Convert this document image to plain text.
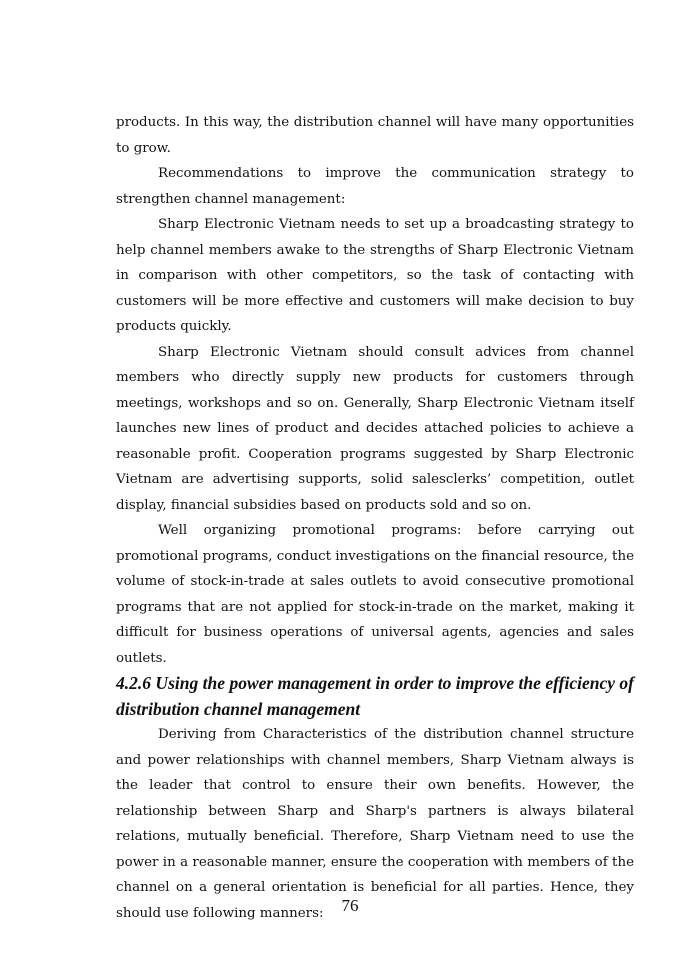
products. In this way, the distribution channel will have many opportunities to grow.

Recommendations to improve the communication strategy to strengthen channel management:

Sharp Electronic Vietnam needs to set up a broadcasting strategy to help channel members awake to the strengths of Sharp Electronic Vietnam in comparison with other competitors, so the task of contacting with customers will be more effective and customers will make decision to buy products quickly.

Sharp Electronic Vietnam should consult advices from channel members who directly supply new products for customers through meetings, workshops and so on. Generally, Sharp Electronic Vietnam itself launches new lines of product and decides attached policies to achieve a reasonable profit. Cooperation programs suggested by Sharp Electronic Vietnam are advertising supports, solid salesclerks’ competition, outlet display, financial subsidies based on products sold and so on.

Well organizing promotional programs: before carrying out promotional programs, conduct investigations on the financial resource, the volume of stock-in-trade at sales outlets to avoid consecutive promotional programs that are not applied for stock-in-trade on the market, making it difficult for business operations of universal agents, agencies and sales outlets.

4.2.6 Using the power management in order to improve the efficiency of distribution channel management

Deriving from Characteristics of the distribution channel structure and power relationships with channel members, Sharp Vietnam always is the leader that control to ensure their own benefits. However, the relationship between Sharp and Sharp's partners is always bilateral relations, mutually beneficial. Therefore, Sharp Vietnam need to use the power in a reasonable manner, ensure the cooperation with members of the channel on a general orientation is beneficial for all parties. Hence, they should use following manners:	76
